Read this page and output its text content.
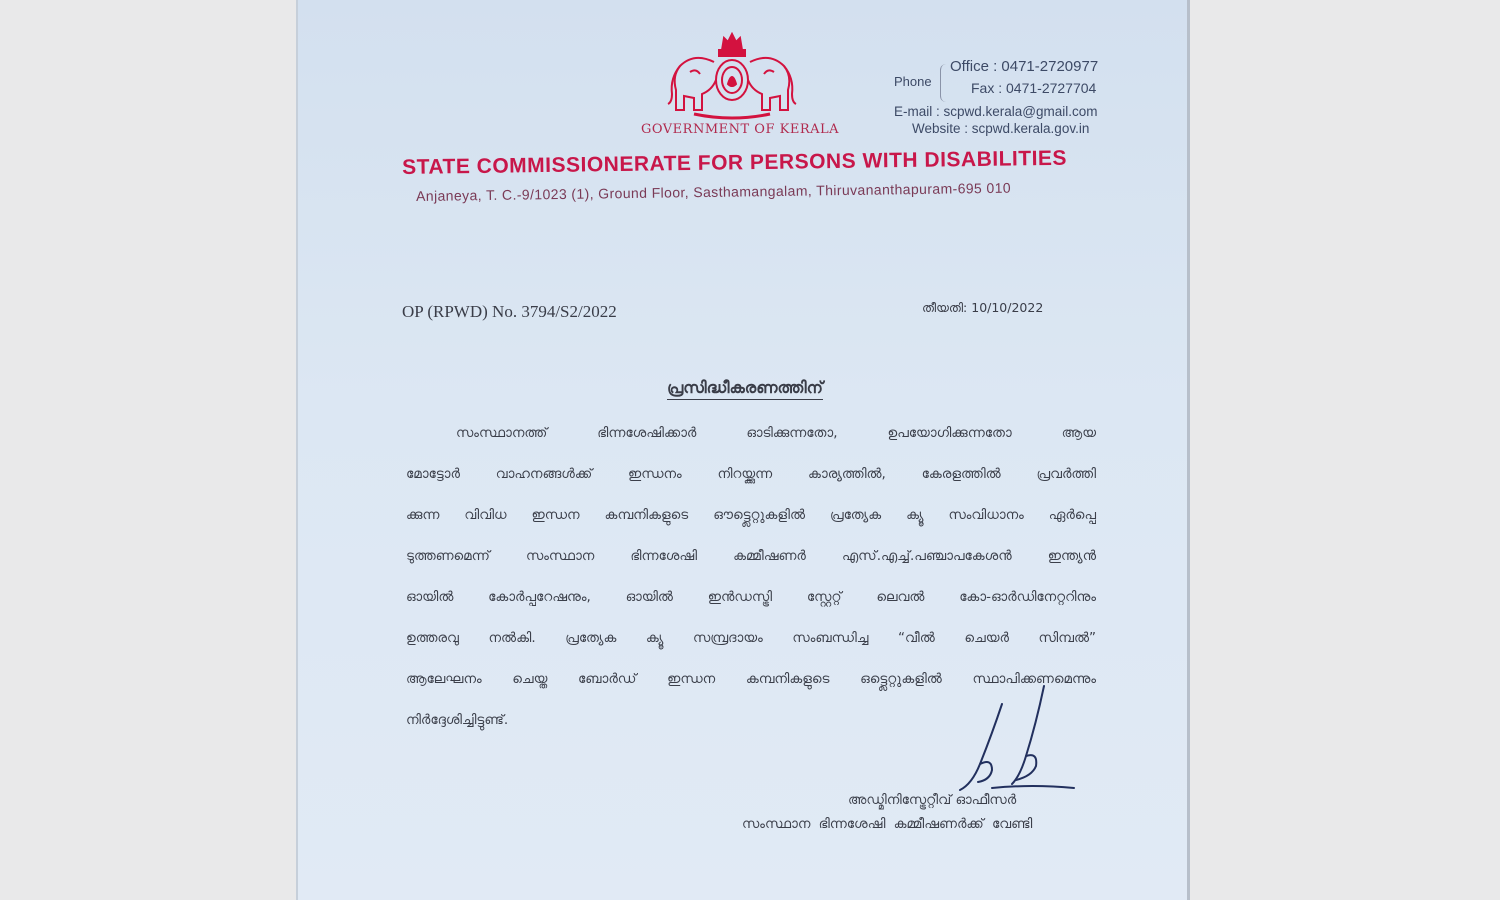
GOVERNMENT OF KERALA
Phone
Office : 0471-2720977
Fax : 0471-2727704
E-mail : scpwd.kerala@gmail.com
Website : scpwd.kerala.gov.in
STATE COMMISSIONERATE FOR PERSONS WITH DISABILITIES
Anjaneya, T. C.-9/1023 (1), Ground Floor, Sasthamangalam, Thiruvananthapuram-695 010
OP (RPWD) No. 3794/S2/2022	തീയതി: 10/10/2022
പ്രസിദ്ധീകരണത്തിന്
സംസ്ഥാനത്ത് ഭിന്നശേഷിക്കാർ ഓടിക്കുന്നതോ, ഉപയോഗിക്കുന്നതോ ആയ
മോട്ടോർ വാഹനങ്ങൾക്ക് ഇന്ധനം നിറയ്ക്കുന്ന കാര്യത്തിൽ, കേരളത്തിൽ പ്രവർത്തി
ക്കുന്ന വിവിധ ഇന്ധന കമ്പനികളുടെ ഔട്ട്ലെറ്റുകളിൽ പ്രത്യേക ക്യൂ സംവിധാനം ഏർപ്പെ
ടുത്തണമെന്ന് സംസ്ഥാന ഭിന്നശേഷി കമ്മീഷണർ എസ്.എച്ച്.പഞ്ചാപകേശൻ ഇന്ത്യൻ
ഓയിൽ കോർപ്പറേഷനും, ഓയിൽ ഇൻഡസ്ട്രി സ്റ്റേറ്റ് ലെവൽ കോ-ഓർഡിനേറ്ററിനും
ഉത്തരവു നൽകി. പ്രത്യേക ക്യൂ സമ്പ്രദായം സംബന്ധിച്ച “വീൽ ചെയർ സിമ്പൽ”
ആലേഘനം ചെയ്ത ബോർഡ് ഇന്ധന കമ്പനികളുടെ ഒട്ട്ലെറ്റുകളിൽ സ്ഥാപിക്കണമെന്നും
നിർദ്ദേശിച്ചിട്ടുണ്ട്.
അഡ്മിനിസ്ട്രേറ്റീവ് ഓഫീസർ
സംസ്ഥാന ഭിന്നശേഷി കമ്മീഷണർക്ക് വേണ്ടി
